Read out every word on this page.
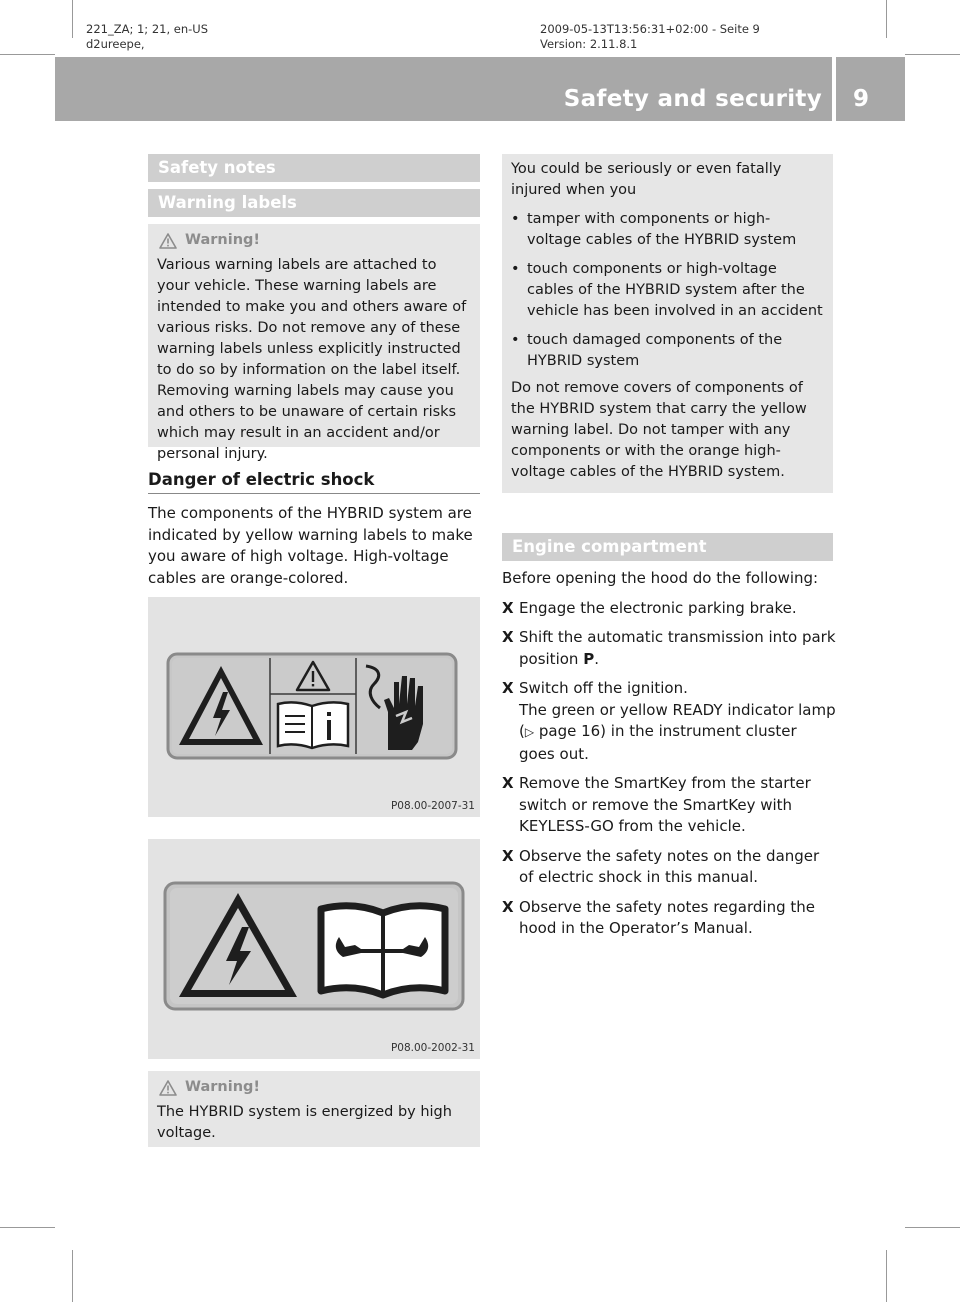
221_ZA; 1; 21, en-US
d2ureepe,
2009-05-13T13:56:31+02:00 - Seite 9
Version: 2.11.8.1
Safety and security 9
Safety notes
Warning labels
Warning!
Various warning labels are attached to your vehicle. These warning labels are intended to make you and others aware of various risks. Do not remove any of these warning labels unless explicitly instructed to do so by information on the label itself. Removing warning labels may cause you and others to be unaware of certain risks which may result in an accident and/or personal injury.
Danger of electric shock
The components of the HYBRID system are indicated by yellow warning labels to make you aware of high voltage. High-voltage cables are orange-colored.
P08.00-2007-31
P08.00-2002-31
Warning!
The HYBRID system is energized by high voltage.
You could be seriously or even fatally injured when you
• tamper with components or high-voltage cables of the HYBRID system
• touch components or high-voltage cables of the HYBRID system after the vehicle has been involved in an accident
• touch damaged components of the HYBRID system
Do not remove covers of components of the HYBRID system that carry the yellow warning label. Do not tamper with any components or with the orange high-voltage cables of the HYBRID system.
Engine compartment
Before opening the hood do the following:
X Engage the electronic parking brake.
X Shift the automatic transmission into park position P.
X Switch off the ignition.
The green or yellow READY indicator lamp (▷ page 16) in the instrument cluster goes out.
X Remove the SmartKey from the starter switch or remove the SmartKey with KEYLESS-GO from the vehicle.
X Observe the safety notes on the danger of electric shock in this manual.
X Observe the safety notes regarding the hood in the Operator’s Manual.
